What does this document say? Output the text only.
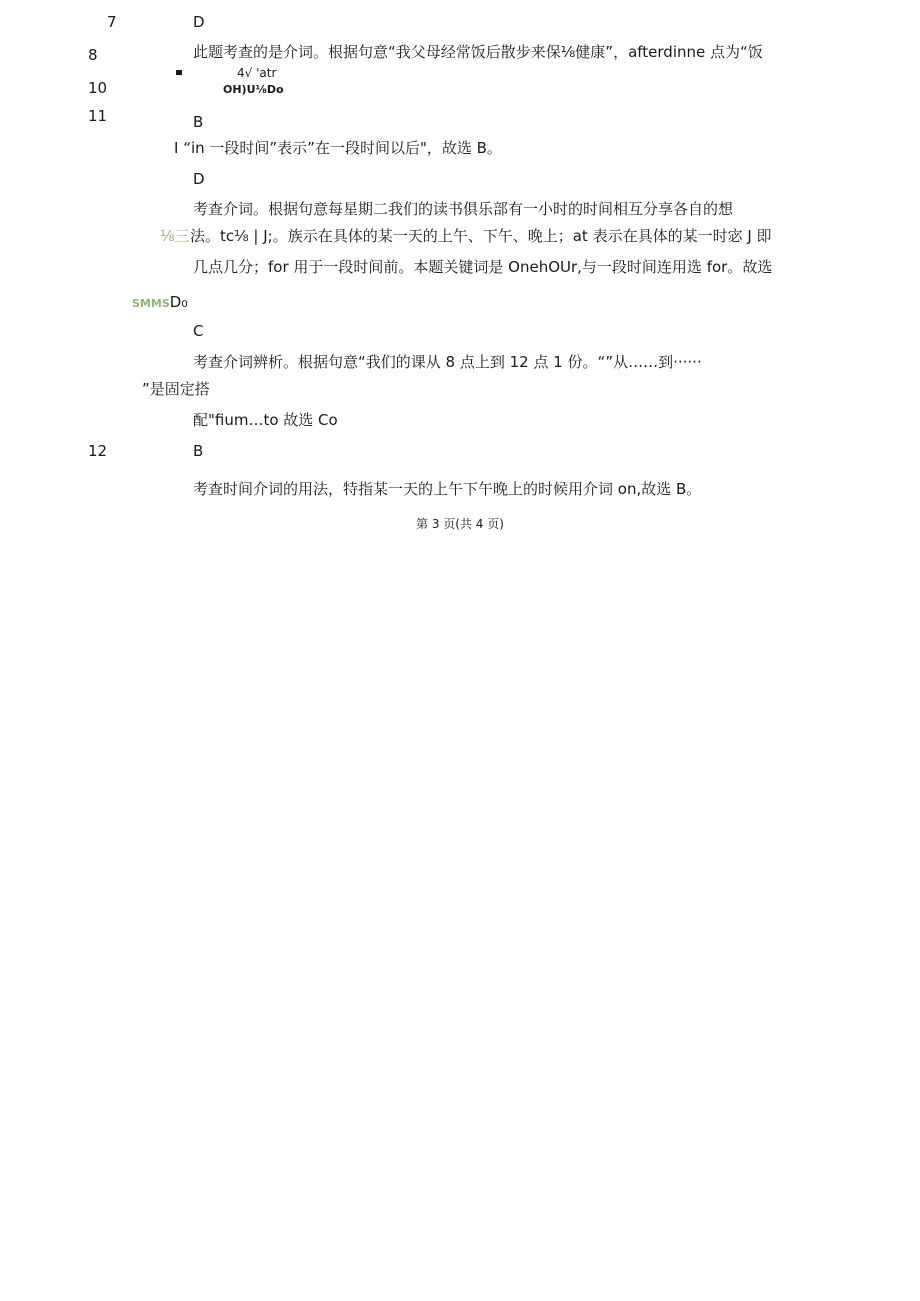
7	D
8	此题考查的是介词。根据句意“我父母经常饭后散步来保⅛健康”，afterdinne 点为“饭
4√ 'atr
10	OH)U⅛Do
11	B
I “in 一段时间”表示”在一段时间以后"，故选 B。
D
考查介词。根据句意每星期二我们的读书俱乐部有一小时的时间相互分享各自的想
⅛三 法。tc⅛ | J;。族示在具体的某一天的上午、下午、晚上；at 表示在具体的某一时宓 J 即
几点几分；for 用于一段时间前。本题关键词是 OnehOUr,与一段时间连用选 for。故选
SMMSD0
C
考查介词辨析。根据句意“我们的课从 8 点上到 12 点 1 份。“”从……到······
”是固定搭
配"fium…to 故选 Co
12	B
考查时间介词的用法，特指某一天的上午下午晚上的时候用介词 on,故选 B。
第 3 页(共 4 页)
